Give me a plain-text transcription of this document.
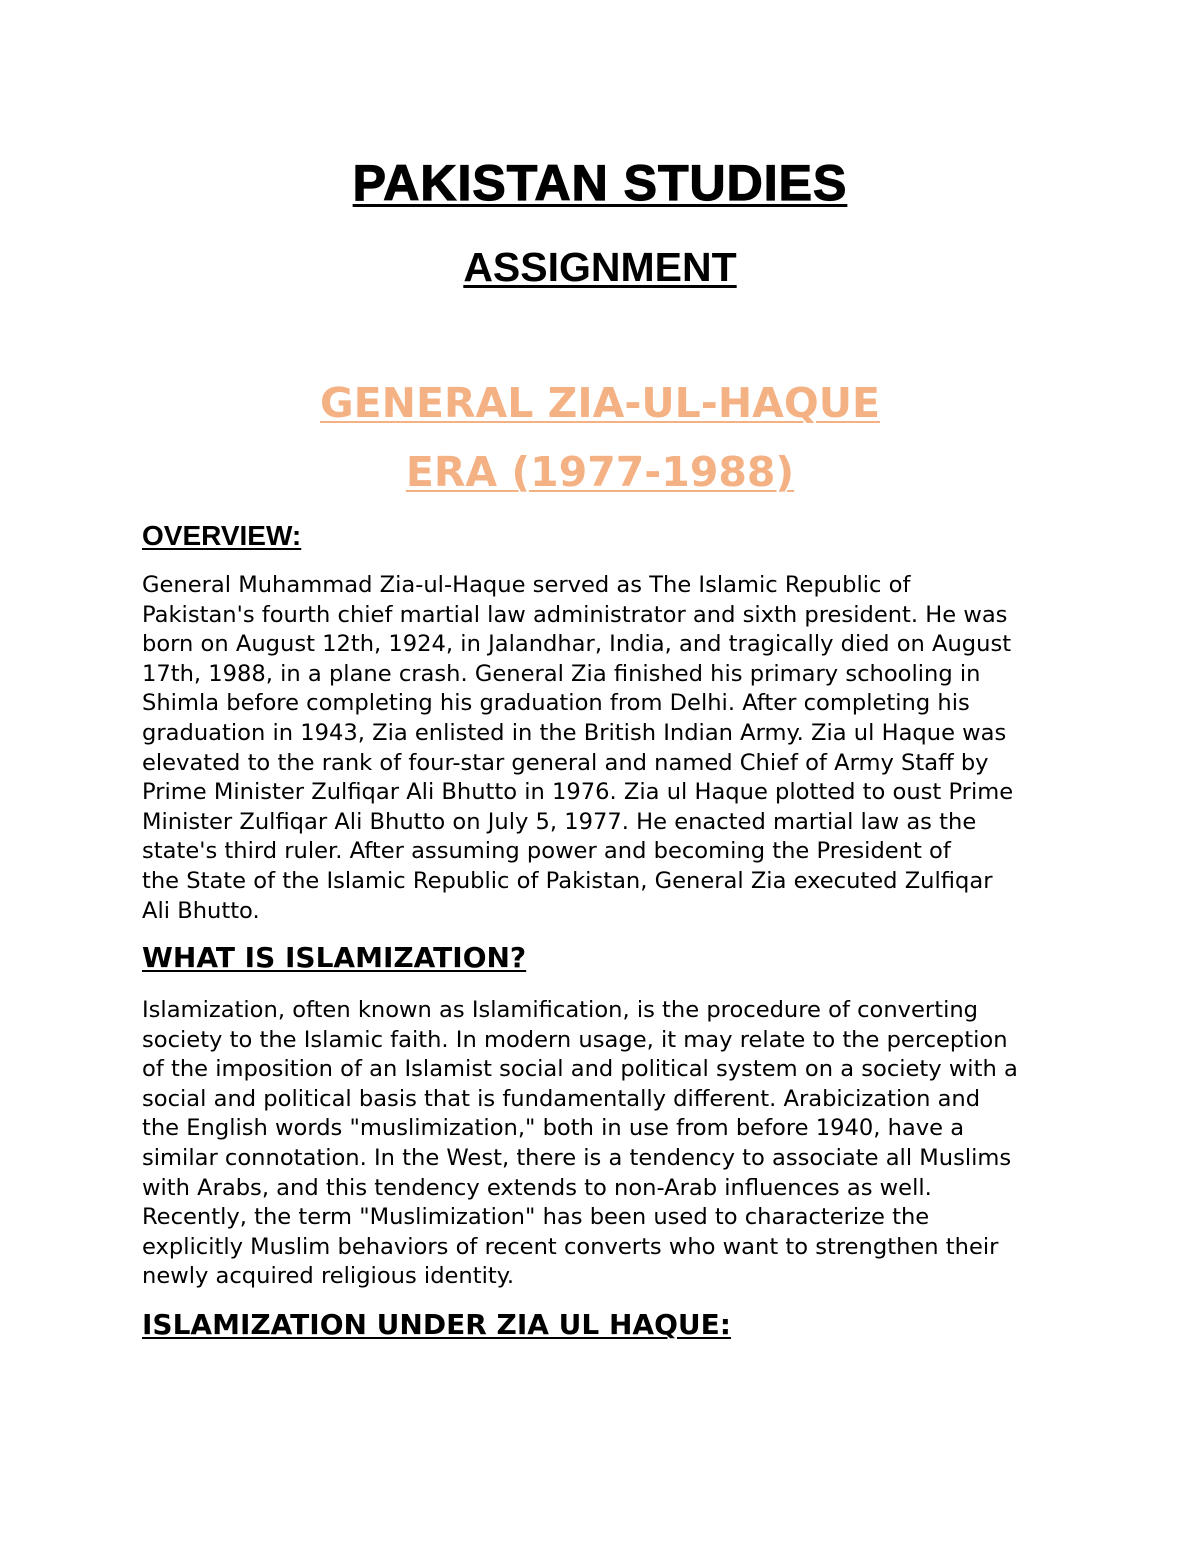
PAKISTAN STUDIES
ASSIGNMENT
GENERAL ZIA-UL-HAQUE
ERA (1977-1988)
OVERVIEW:
General Muhammad Zia-ul-Haque served as The Islamic Republic of
Pakistan's fourth chief martial law administrator and sixth president. He was
born on August 12th, 1924, in Jalandhar, India, and tragically died on August
17th, 1988, in a plane crash. General Zia finished his primary schooling in
Shimla before completing his graduation from Delhi. After completing his
graduation in 1943, Zia enlisted in the British Indian Army. Zia ul Haque was
elevated to the rank of four-star general and named Chief of Army Staff by
Prime Minister Zulfiqar Ali Bhutto in 1976. Zia ul Haque plotted to oust Prime
Minister Zulfiqar Ali Bhutto on July 5, 1977. He enacted martial law as the
state's third ruler. After assuming power and becoming the President of
the State of the Islamic Republic of Pakistan, General Zia executed Zulfiqar
Ali Bhutto.
WHAT IS ISLAMIZATION?
Islamization, often known as Islamification, is the procedure of converting
society to the Islamic faith. In modern usage, it may relate to the perception
of the imposition of an Islamist social and political system on a society with a
social and political basis that is fundamentally different. Arabicization and
the English words "muslimization," both in use from before 1940, have a
similar connotation. In the West, there is a tendency to associate all Muslims
with Arabs, and this tendency extends to non-Arab influences as well.
Recently, the term "Muslimization" has been used to characterize the
explicitly Muslim behaviors of recent converts who want to strengthen their
newly acquired religious identity.
ISLAMIZATION UNDER ZIA UL HAQUE:
